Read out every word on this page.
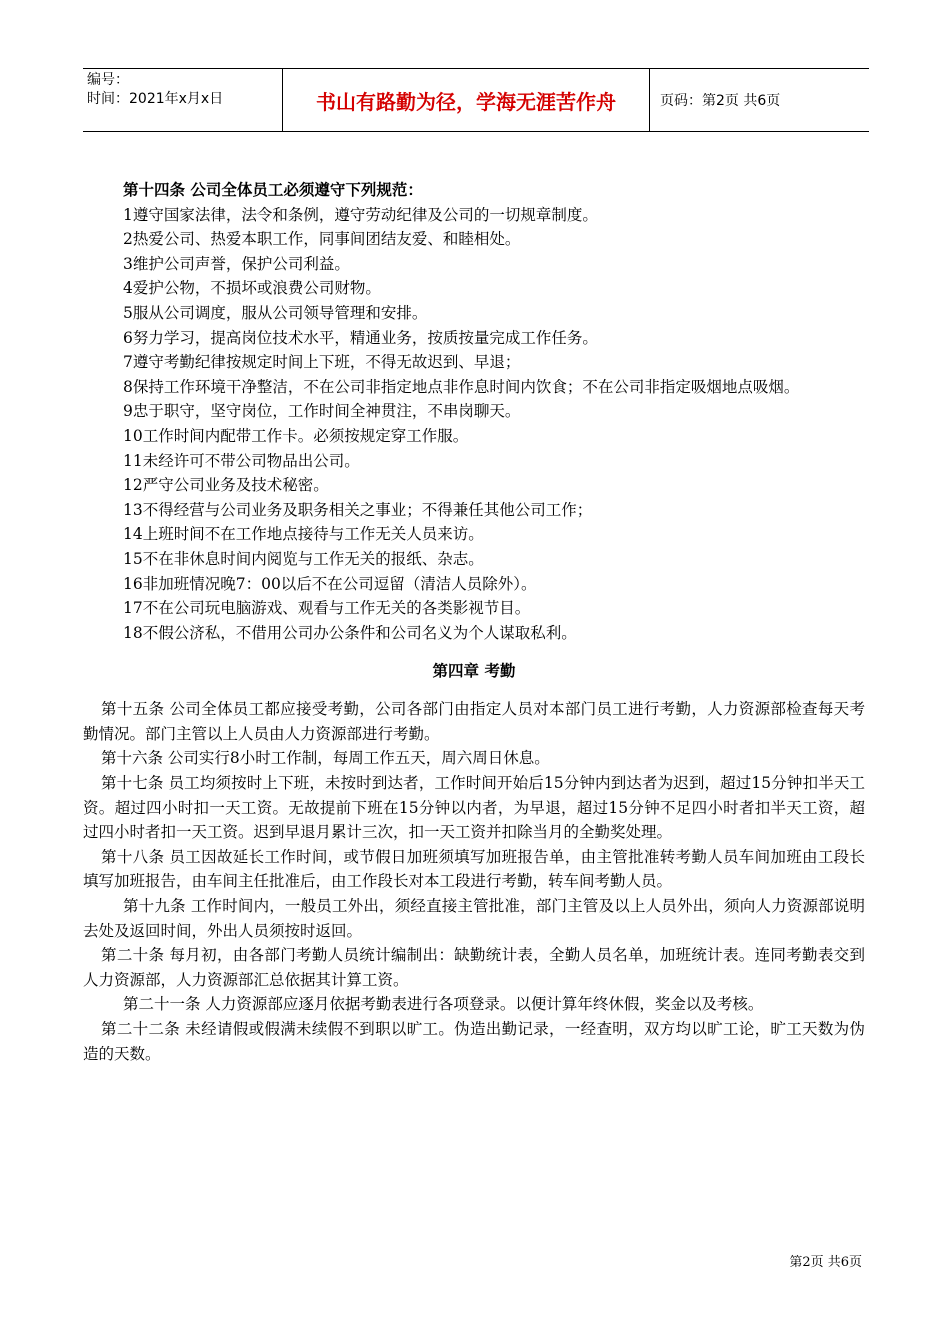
编号：
时间：2021年x月x日	书山有路勤为径，学海无涯苦作舟	页码：第2页 共6页
第十四条 公司全体员工必须遵守下列规范：
1遵守国家法律，法令和条例，遵守劳动纪律及公司的一切规章制度。
2热爱公司、热爱本职工作，同事间团结友爱、和睦相处。
3维护公司声誉，保护公司利益。
4爱护公物，不损坏或浪费公司财物。
5服从公司调度，服从公司领导管理和安排。
6努力学习，提高岗位技术水平，精通业务，按质按量完成工作任务。
7遵守考勤纪律按规定时间上下班，不得无故迟到、早退；
8保持工作环境干净整洁，不在公司非指定地点非作息时间内饮食；不在公司非指定吸烟地点吸烟。
9忠于职守，坚守岗位，工作时间全神贯注，不串岗聊天。
10工作时间内配带工作卡。必须按规定穿工作服。
11未经许可不带公司物品出公司。
12严守公司业务及技术秘密。
13不得经营与公司业务及职务相关之事业；不得兼任其他公司工作；
14上班时间不在工作地点接待与工作无关人员来访。
15不在非休息时间内阅览与工作无关的报纸、杂志。
16非加班情况晚7：00以后不在公司逗留（清洁人员除外）。
17不在公司玩电脑游戏、观看与工作无关的各类影视节目。
18不假公济私，不借用公司办公条件和公司名义为个人谋取私利。
第四章 考勤
第十五条 公司全体员工都应接受考勤，公司各部门由指定人员对本部门员工进行考勤，人力资源部检查每天考勤情况。部门主管以上人员由人力资源部进行考勤。
第十六条 公司实行8小时工作制，每周工作五天，周六周日休息。
第十七条 员工均须按时上下班，未按时到达者，工作时间开始后15分钟内到达者为迟到，超过15分钟扣半天工资。超过四小时扣一天工资。无故提前下班在15分钟以内者，为早退，超过15分钟不足四小时者扣半天工资，超过四小时者扣一天工资。迟到早退月累计三次，扣一天工资并扣除当月的全勤奖处理。
第十八条 员工因故延长工作时间，或节假日加班须填写加班报告单，由主管批准转考勤人员车间加班由工段长填写加班报告，由车间主任批准后，由工作段长对本工段进行考勤，转车间考勤人员。
第十九条 工作时间内，一般员工外出，须经直接主管批准，部门主管及以上人员外出，须向人力资源部说明去处及返回时间，外出人员须按时返回。
第二十条 每月初，由各部门考勤人员统计编制出：缺勤统计表，全勤人员名单，加班统计表。连同考勤表交到人力资源部，人力资源部汇总依据其计算工资。
第二十一条 人力资源部应逐月依据考勤表进行各项登录。以便计算年终休假，奖金以及考核。
第二十二条 未经请假或假满未续假不到职以旷工。伪造出勤记录，一经查明，双方均以旷工论，旷工天数为伪造的天数。
第2页 共6页
